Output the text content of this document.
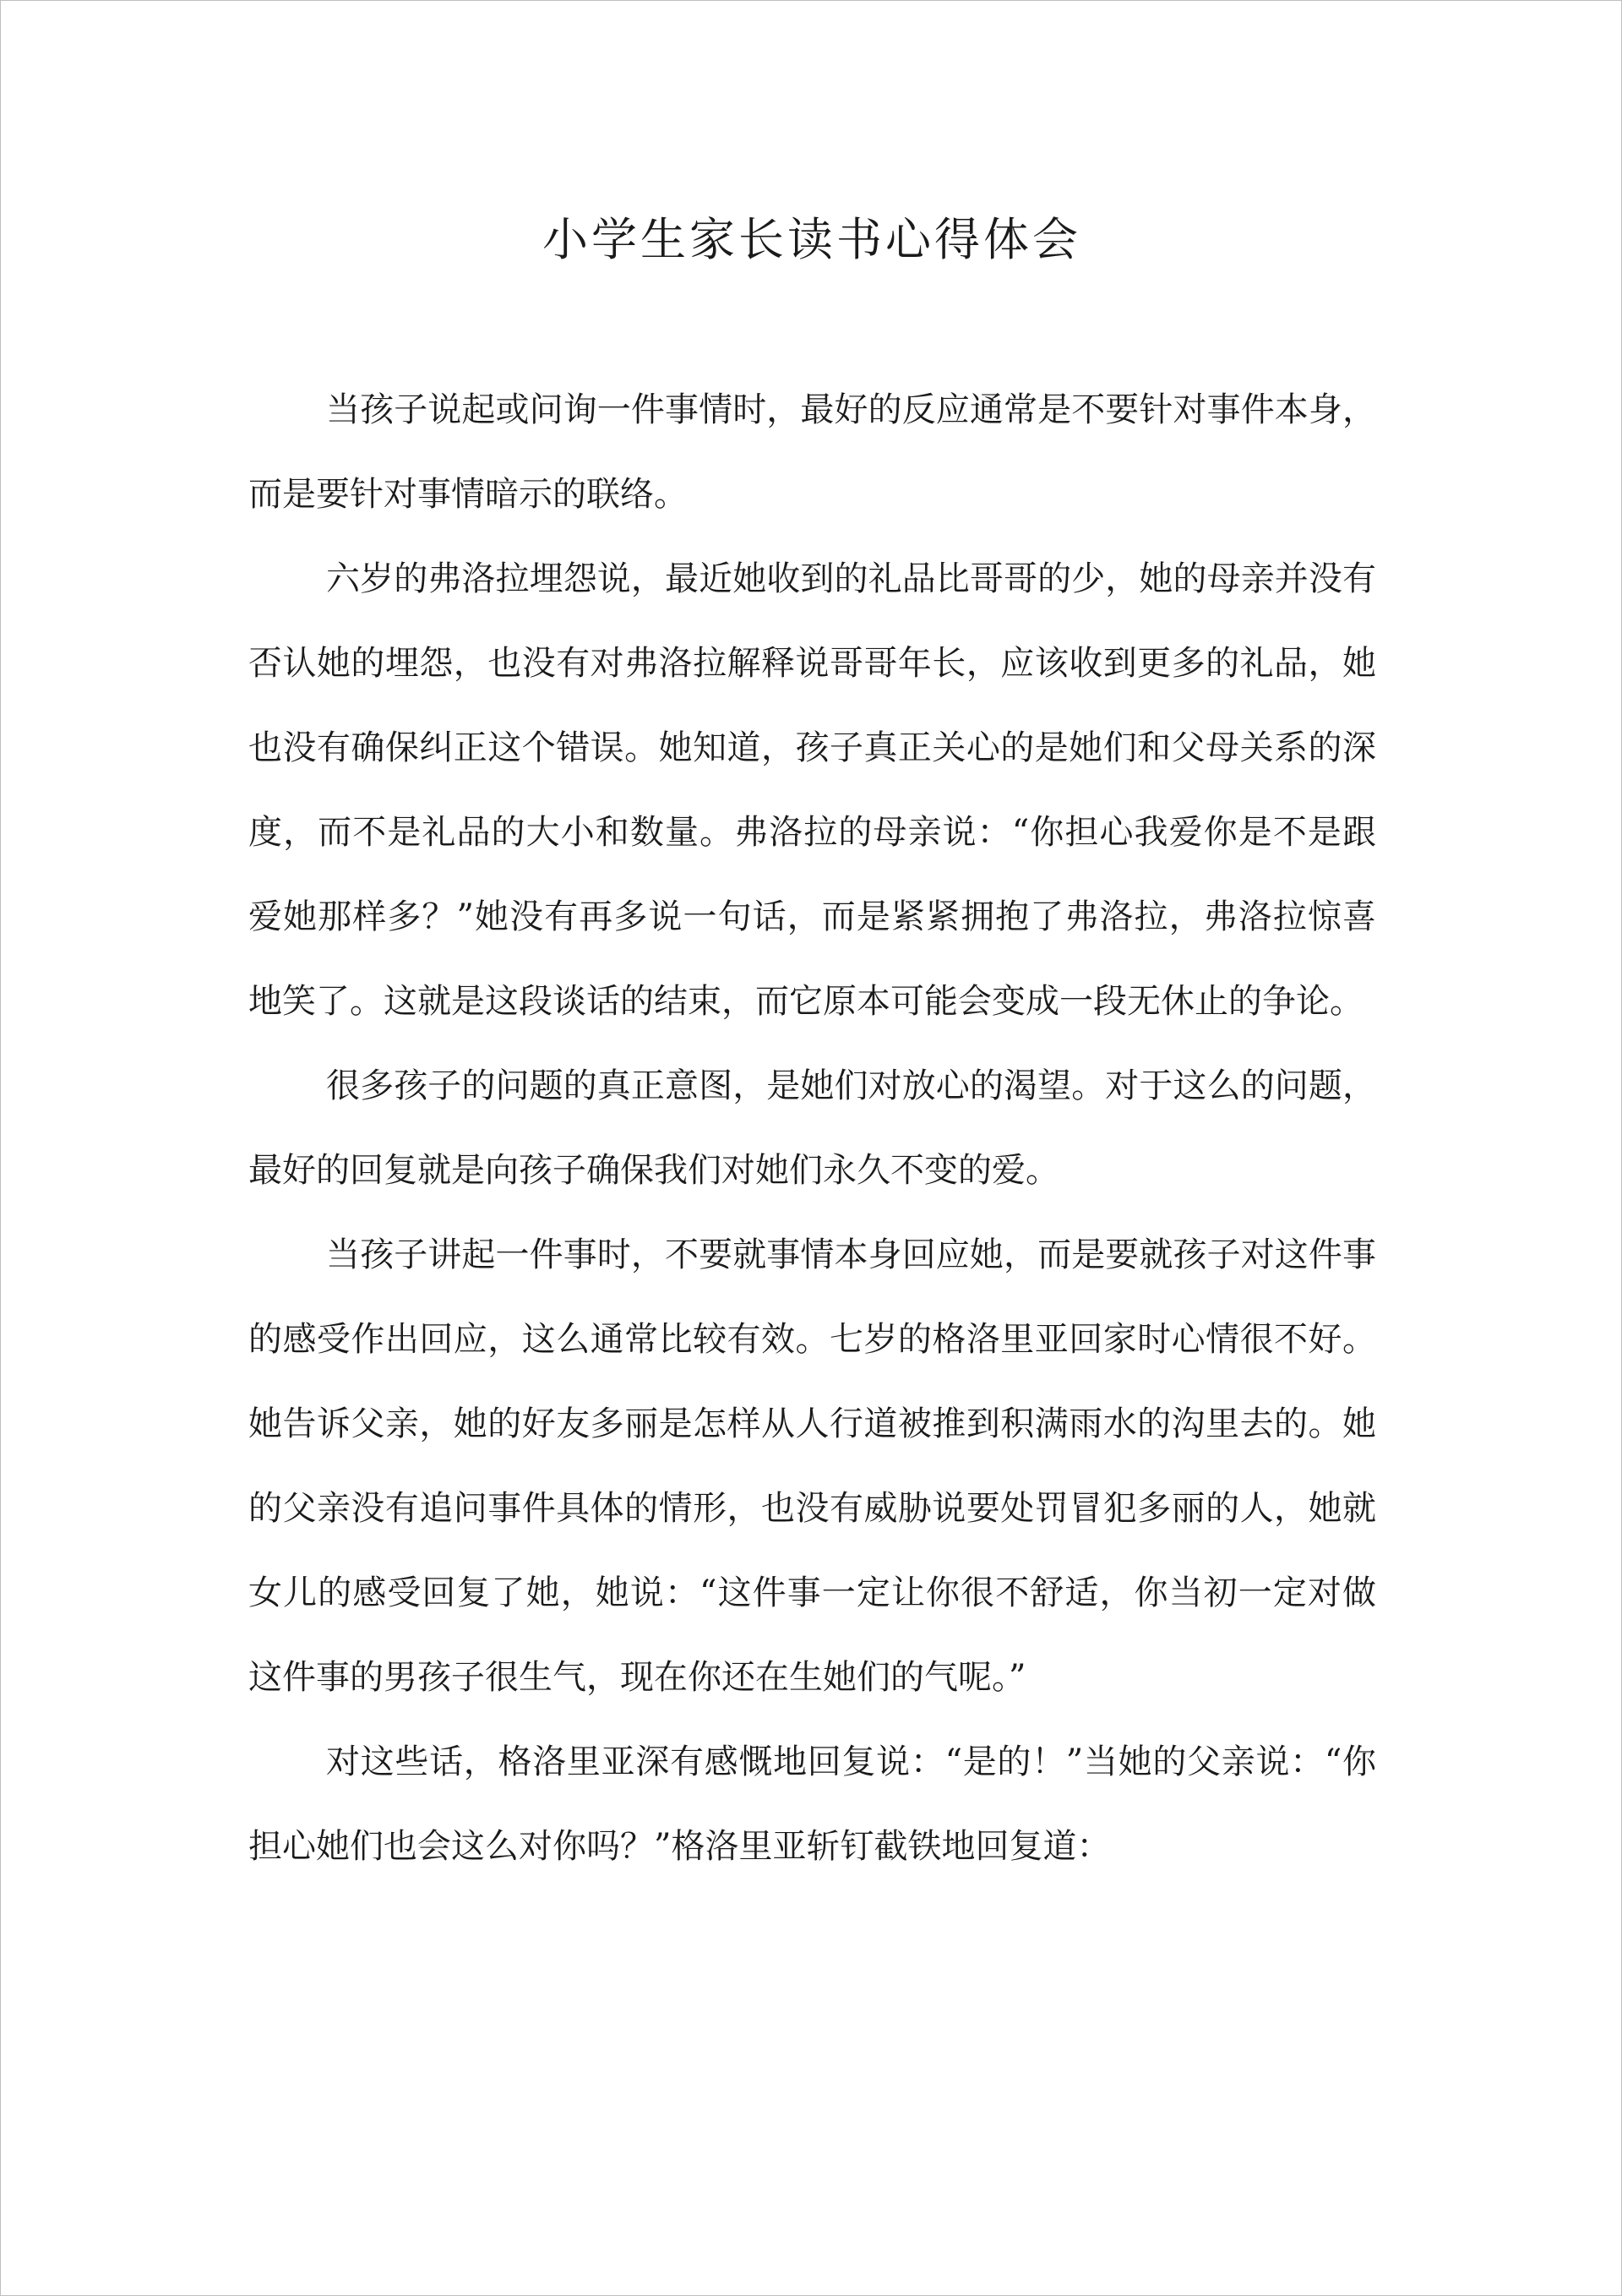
小学生家长读书心得体会

当孩子说起或问询一件事情时，最好的反应通常是不要针对事件本身，而是要针对事情暗示的联络。

六岁的弗洛拉埋怨说，最近她收到的礼品比哥哥的少，她的母亲并没有否认她的埋怨，也没有对弗洛拉解释说哥哥年长，应该收到更多的礼品，她也没有确保纠正这个错误。她知道，孩子真正关心的是她们和父母关系的深度，而不是礼品的大小和数量。弗洛拉的母亲说：“你担心我爱你是不是跟爱她那样多？”她没有再多说一句话，而是紧紧拥抱了弗洛拉，弗洛拉惊喜地笑了。这就是这段谈话的结束，而它原本可能会变成一段无休止的争论。

很多孩子的问题的真正意图，是她们对放心的渴望。对于这么的问题，最好的回复就是向孩子确保我们对她们永久不变的爱。

当孩子讲起一件事时，不要就事情本身回应她，而是要就孩子对这件事的感受作出回应，这么通常比较有效。七岁的格洛里亚回家时心情很不好。她告诉父亲，她的好友多丽是怎样从人行道被推到积满雨水的沟里去的。她的父亲没有追问事件具体的情形，也没有威胁说要处罚冒犯多丽的人，她就女儿的感受回复了她，她说：“这件事一定让你很不舒适，你当初一定对做这件事的男孩子很生气，现在你还在生她们的气呢。”

对这些话，格洛里亚深有感慨地回复说：“是的！”当她的父亲说：“你担心她们也会这么对你吗？”格洛里亚斩钉截铁地回复道：
